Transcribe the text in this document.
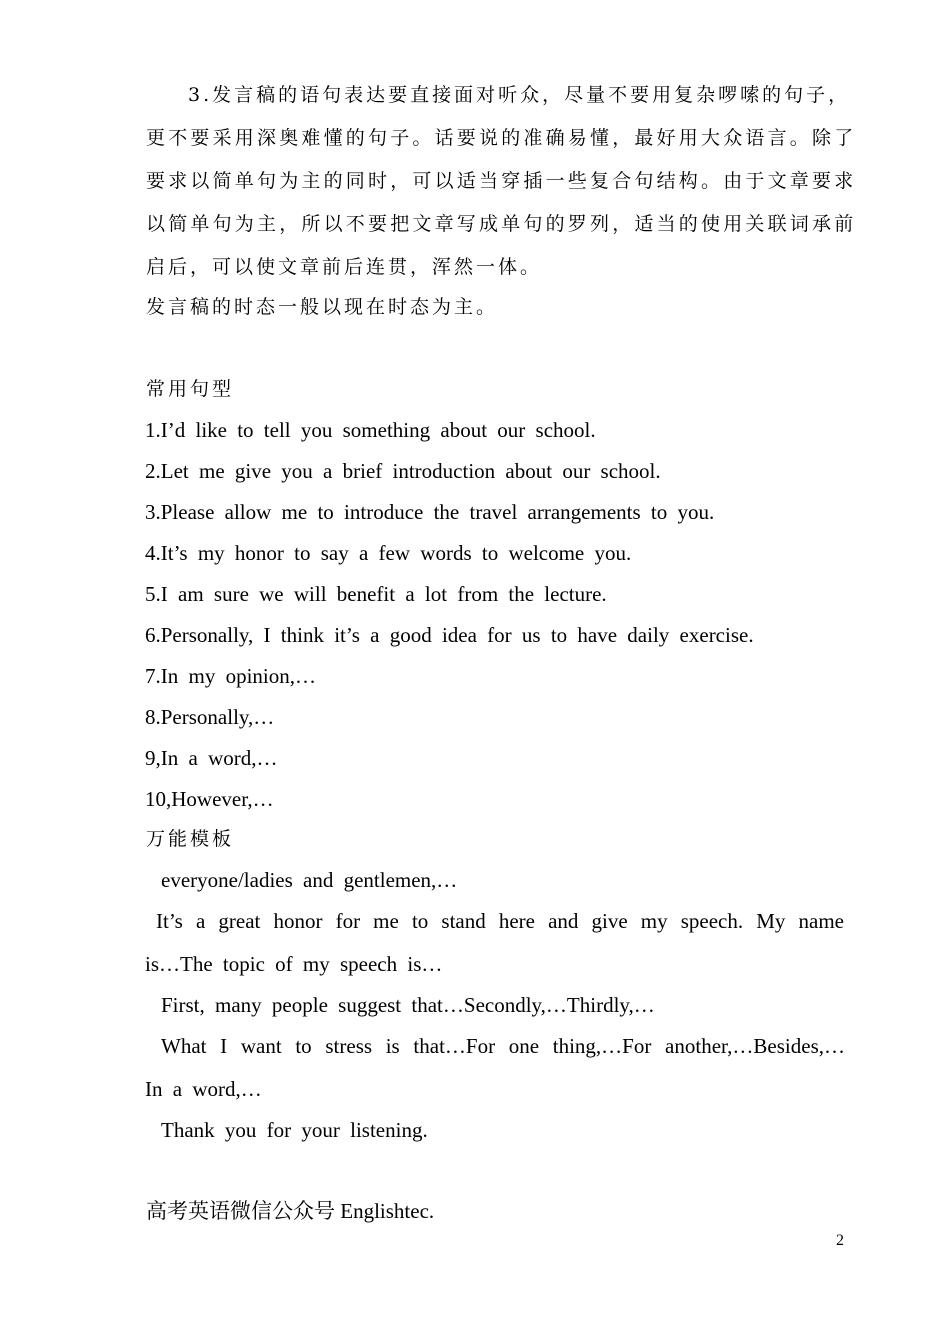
3.发言稿的语句表达要直接面对听众，尽量不要用复杂啰嗦的句子，
更不要采用深奥难懂的句子。话要说的准确易懂，最好用大众语言。除了
要求以简单句为主的同时，可以适当穿插一些复合句结构。由于文章要求
以简单句为主，所以不要把文章写成单句的罗列，适当的使用关联词承前
启后，可以使文章前后连贯，浑然一体。
发言稿的时态一般以现在时态为主。
常用句型
1.I’d like to tell you something about our school.
2.Let me give you a brief introduction about our school.
3.Please allow me to introduce the travel arrangements to you.
4.It’s my honor to say a few words to welcome you.
5.I am sure we will benefit a lot from the lecture.
6.Personally, I think it’s a good idea for us to have daily exercise.
7.In my opinion,…
8.Personally,…
9,In a word,…
10,However,…
万能模板
everyone/ladies and gentlemen,…
It’s a great honor for me to stand here and give my speech. My name
is…The topic of my speech is…
First, many people suggest that…Secondly,…Thirdly,…
What I want to stress is that…For one thing,…For another,…Besides,…
In a word,…
Thank you for your listening.
高考英语微信公众号 Englishtec.
2
